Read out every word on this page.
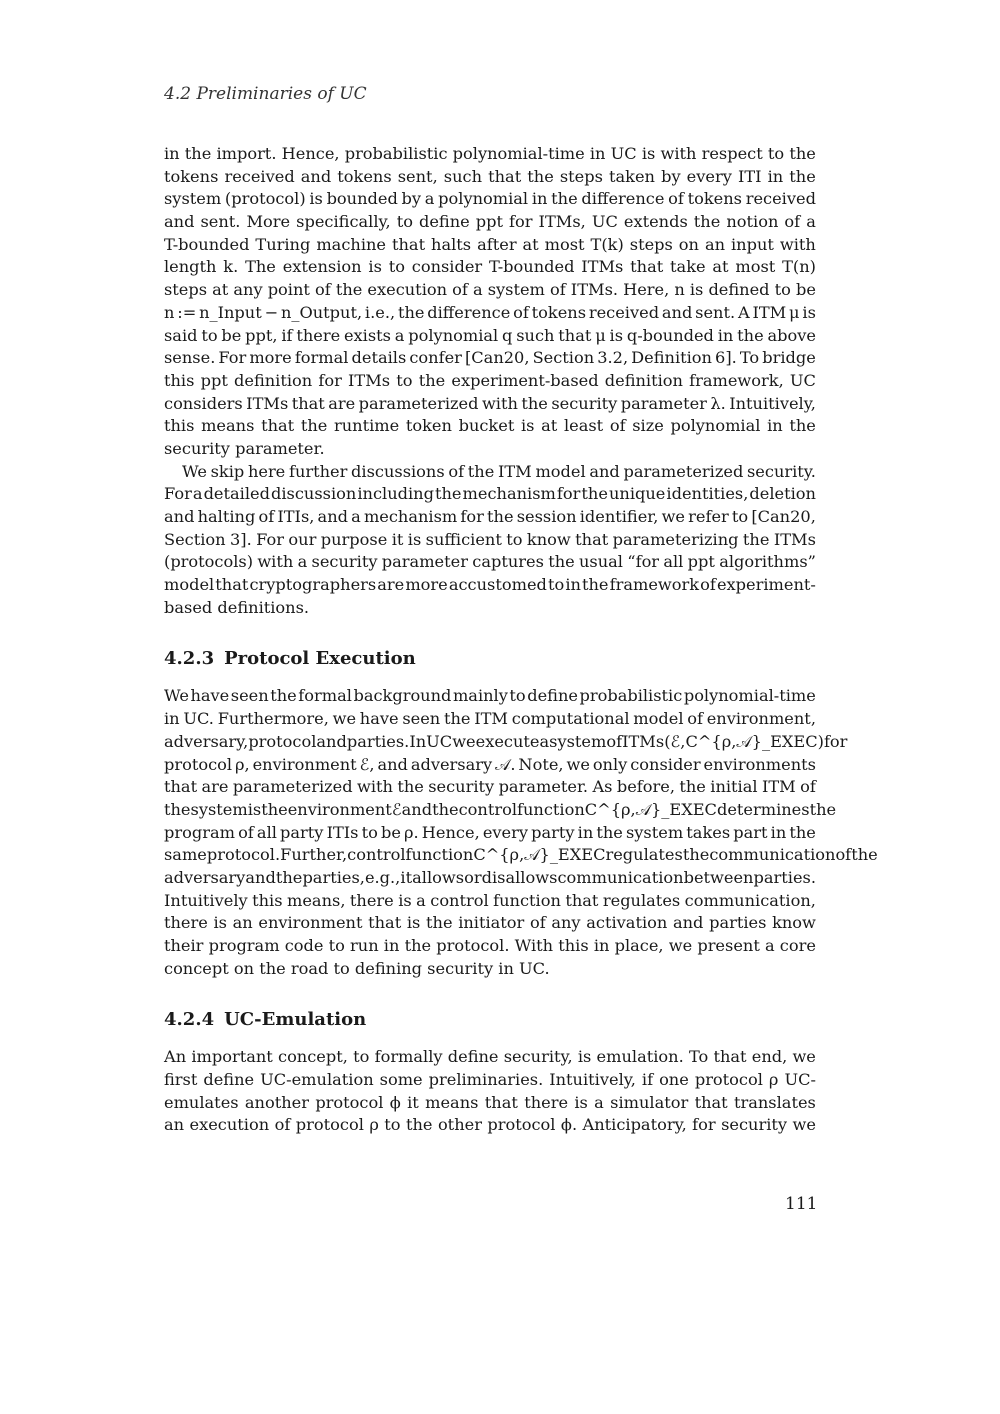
4.2 Preliminaries of UC
in the import. Hence, probabilistic polynomial-time in UC is with respect to the
tokens received and tokens sent, such that the steps taken by every ITI in the
system (protocol) is bounded by a polynomial in the difference of tokens received
and sent. More specifically, to define ppt for ITMs, UC extends the notion of a
T-bounded Turing machine that halts after at most T(k) steps on an input with
length k. The extension is to consider T-bounded ITMs that take at most T(n)
steps at any point of the execution of a system of ITMs. Here, n is defined to be
n := n_Input − n_Output, i.e., the difference of tokens received and sent. A ITM μ is
said to be ppt, if there exists a polynomial q such that μ is q-bounded in the above
sense. For more formal details confer [Can20, Section 3.2, Definition 6]. To bridge
this ppt definition for ITMs to the experiment-based definition framework, UC
considers ITMs that are parameterized with the security parameter λ. Intuitively,
this means that the runtime token bucket is at least of size polynomial in the
security parameter.
We skip here further discussions of the ITM model and parameterized security.
For a detailed discussion including the mechanism for the unique identities, deletion
and halting of ITIs, and a mechanism for the session identifier, we refer to [Can20,
Section 3]. For our purpose it is sufficient to know that parameterizing the ITMs
(protocols) with a security parameter captures the usual “for all ppt algorithms”
model that cryptographers are more accustomed to in the framework of experiment-
based definitions.
4.2.3 Protocol Execution
We have seen the formal background mainly to define probabilistic polynomial-time
in UC. Furthermore, we have seen the ITM computational model of environment,
adversary, protocol and parties. In UC we execute a system of ITMs (ℰ, C^{ρ,𝒜}_EXEC) for
protocol ρ, environment ℰ, and adversary 𝒜. Note, we only consider environments
that are parameterized with the security parameter. As before, the initial ITM of
the system is the environment ℰ and the control function C^{ρ,𝒜}_EXEC determines the
program of all party ITIs to be ρ. Hence, every party in the system takes part in the
same protocol. Further, control function C^{ρ,𝒜}_EXEC regulates the communication of the
adversary and the parties, e.g., it allows or disallows communication between parties.
Intuitively this means, there is a control function that regulates communication,
there is an environment that is the initiator of any activation and parties know
their program code to run in the protocol. With this in place, we present a core
concept on the road to defining security in UC.
4.2.4 UC-Emulation
An important concept, to formally define security, is emulation. To that end, we
first define UC-emulation some preliminaries. Intuitively, if one protocol ρ UC-
emulates another protocol ϕ it means that there is a simulator that translates
an execution of protocol ρ to the other protocol ϕ. Anticipatory, for security we
111
